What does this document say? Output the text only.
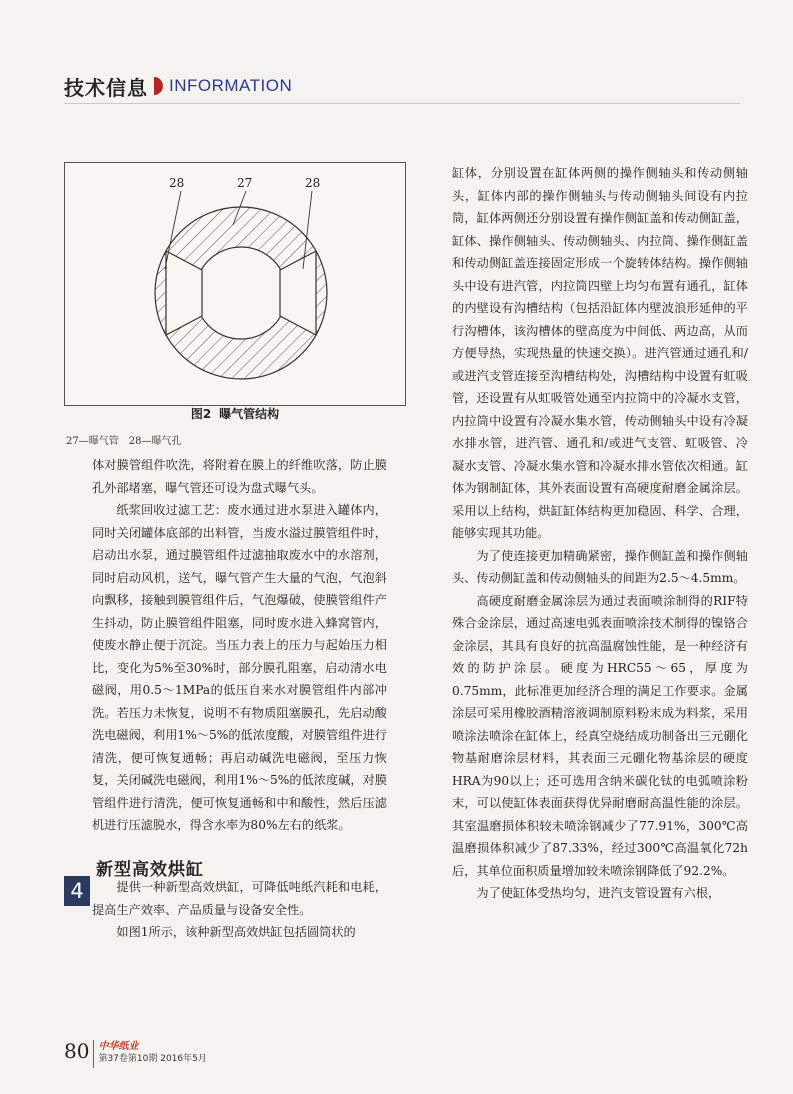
技术信息 INFORMATION
28	27	28
图2 曝气管结构
27—曝气管 28—曝气孔

体对膜管组件吹洗，将附着在膜上的纤维吹落，防止膜孔外部堵塞，曝气管还可设为盘式曝气头。

纸浆回收过滤工艺：废水通过进水泵进入罐体内，同时关闭罐体底部的出料管，当废水溢过膜管组件时，启动出水泵，通过膜管组件过滤抽取废水中的水溶剂，同时启动风机，送气，曝气管产生大量的气泡，气泡斜向飘移，接触到膜管组件后，气泡爆破，使膜管组件产生抖动，防止膜管组件阻塞，同时废水进入蜂窝管内，使废水静止便于沉淀。当压力表上的压力与起始压力相比，变化为5%至30%时，部分膜孔阻塞，启动清水电磁阀，用0.5～1MPa的低压自来水对膜管组件内部冲洗。若压力未恢复，说明不有物质阻塞膜孔，先启动酸洗电磁阀，利用1%～5%的低浓度酸，对膜管组件进行清洗，便可恢复通畅；再启动碱洗电磁阀，至压力恢复，关闭碱洗电磁阀，利用1%～5%的低浓度碱，对膜管组件进行清洗，便可恢复通畅和中和酸性，然后压滤机进行压滤脱水，得含水率为80%左右的纸浆。

新型高效烘缸
4	提供一种新型高效烘缸，可降低吨纸汽耗和电耗，提高生产效率、产品质量与设备安全性。

如图1所示，该种新型高效烘缸包括圆筒状的

缸体，分别设置在缸体两侧的操作侧轴头和传动侧轴头，缸体内部的操作侧轴头与传动侧轴头间设有内拉筒，缸体两侧还分别设置有操作侧缸盖和传动侧缸盖，缸体、操作侧轴头、传动侧轴头、内拉筒、操作侧缸盖和传动侧缸盖连接固定形成一个旋转体结构。操作侧轴头中设有进汽管，内拉筒四壁上均匀布置有通孔，缸体的内壁设有沟槽结构（包括沿缸体内壁波浪形延伸的平行沟槽体，该沟槽体的壁高度为中间低、两边高，从而方便导热，实现热量的快速交换）。进汽管通过通孔和/或进汽支管连接至沟槽结构处，沟槽结构中设置有虹吸管，还设置有从虹吸管处通至内拉筒中的冷凝水支管，内拉筒中设置有冷凝水集水管，传动侧轴头中设有冷凝水排水管，进汽管、通孔和/或进气支管、虹吸管、冷凝水支管、冷凝水集水管和冷凝水排水管依次相通。缸体为钢制缸体，其外表面设置有高硬度耐磨金属涂层。采用以上结构，烘缸缸体结构更加稳固、科学、合理，能够实现其功能。

为了使连接更加精确紧密，操作侧缸盖和操作侧轴头、传动侧缸盖和传动侧轴头的间距为2.5～4.5mm。

高硬度耐磨金属涂层为通过表面喷涂制得的RIF特殊合金涂层，通过高速电弧表面喷涂技术制得的镍铬合金涂层，其具有良好的抗高温腐蚀性能，是一种经济有效的防护涂层。硬度为HRC55～65，厚度为0.75mm，此标准更加经济合理的满足工作要求。金属涂层可采用橡胶酒精溶液调制原料粉末成为料浆，采用喷涂法喷涂在缸体上，经真空烧结成功制备出三元硼化物基耐磨涂层材料，其表面三元硼化物基涂层的硬度HRA为90以上；还可选用含纳米碳化钛的电弧喷涂粉末，可以使缸体表面获得优异耐磨耐高温性能的涂层。其室温磨损体积较未喷涂钢减少了77.91%，300℃高温磨损体积减少了87.33%，经过300℃高温氧化72h后，其单位面积质量增加较未喷涂钢降低了92.2%。

为了使缸体受热均匀，进汽支管设置有六根，

80 中华纸业
第37卷第10期 2016年5月
